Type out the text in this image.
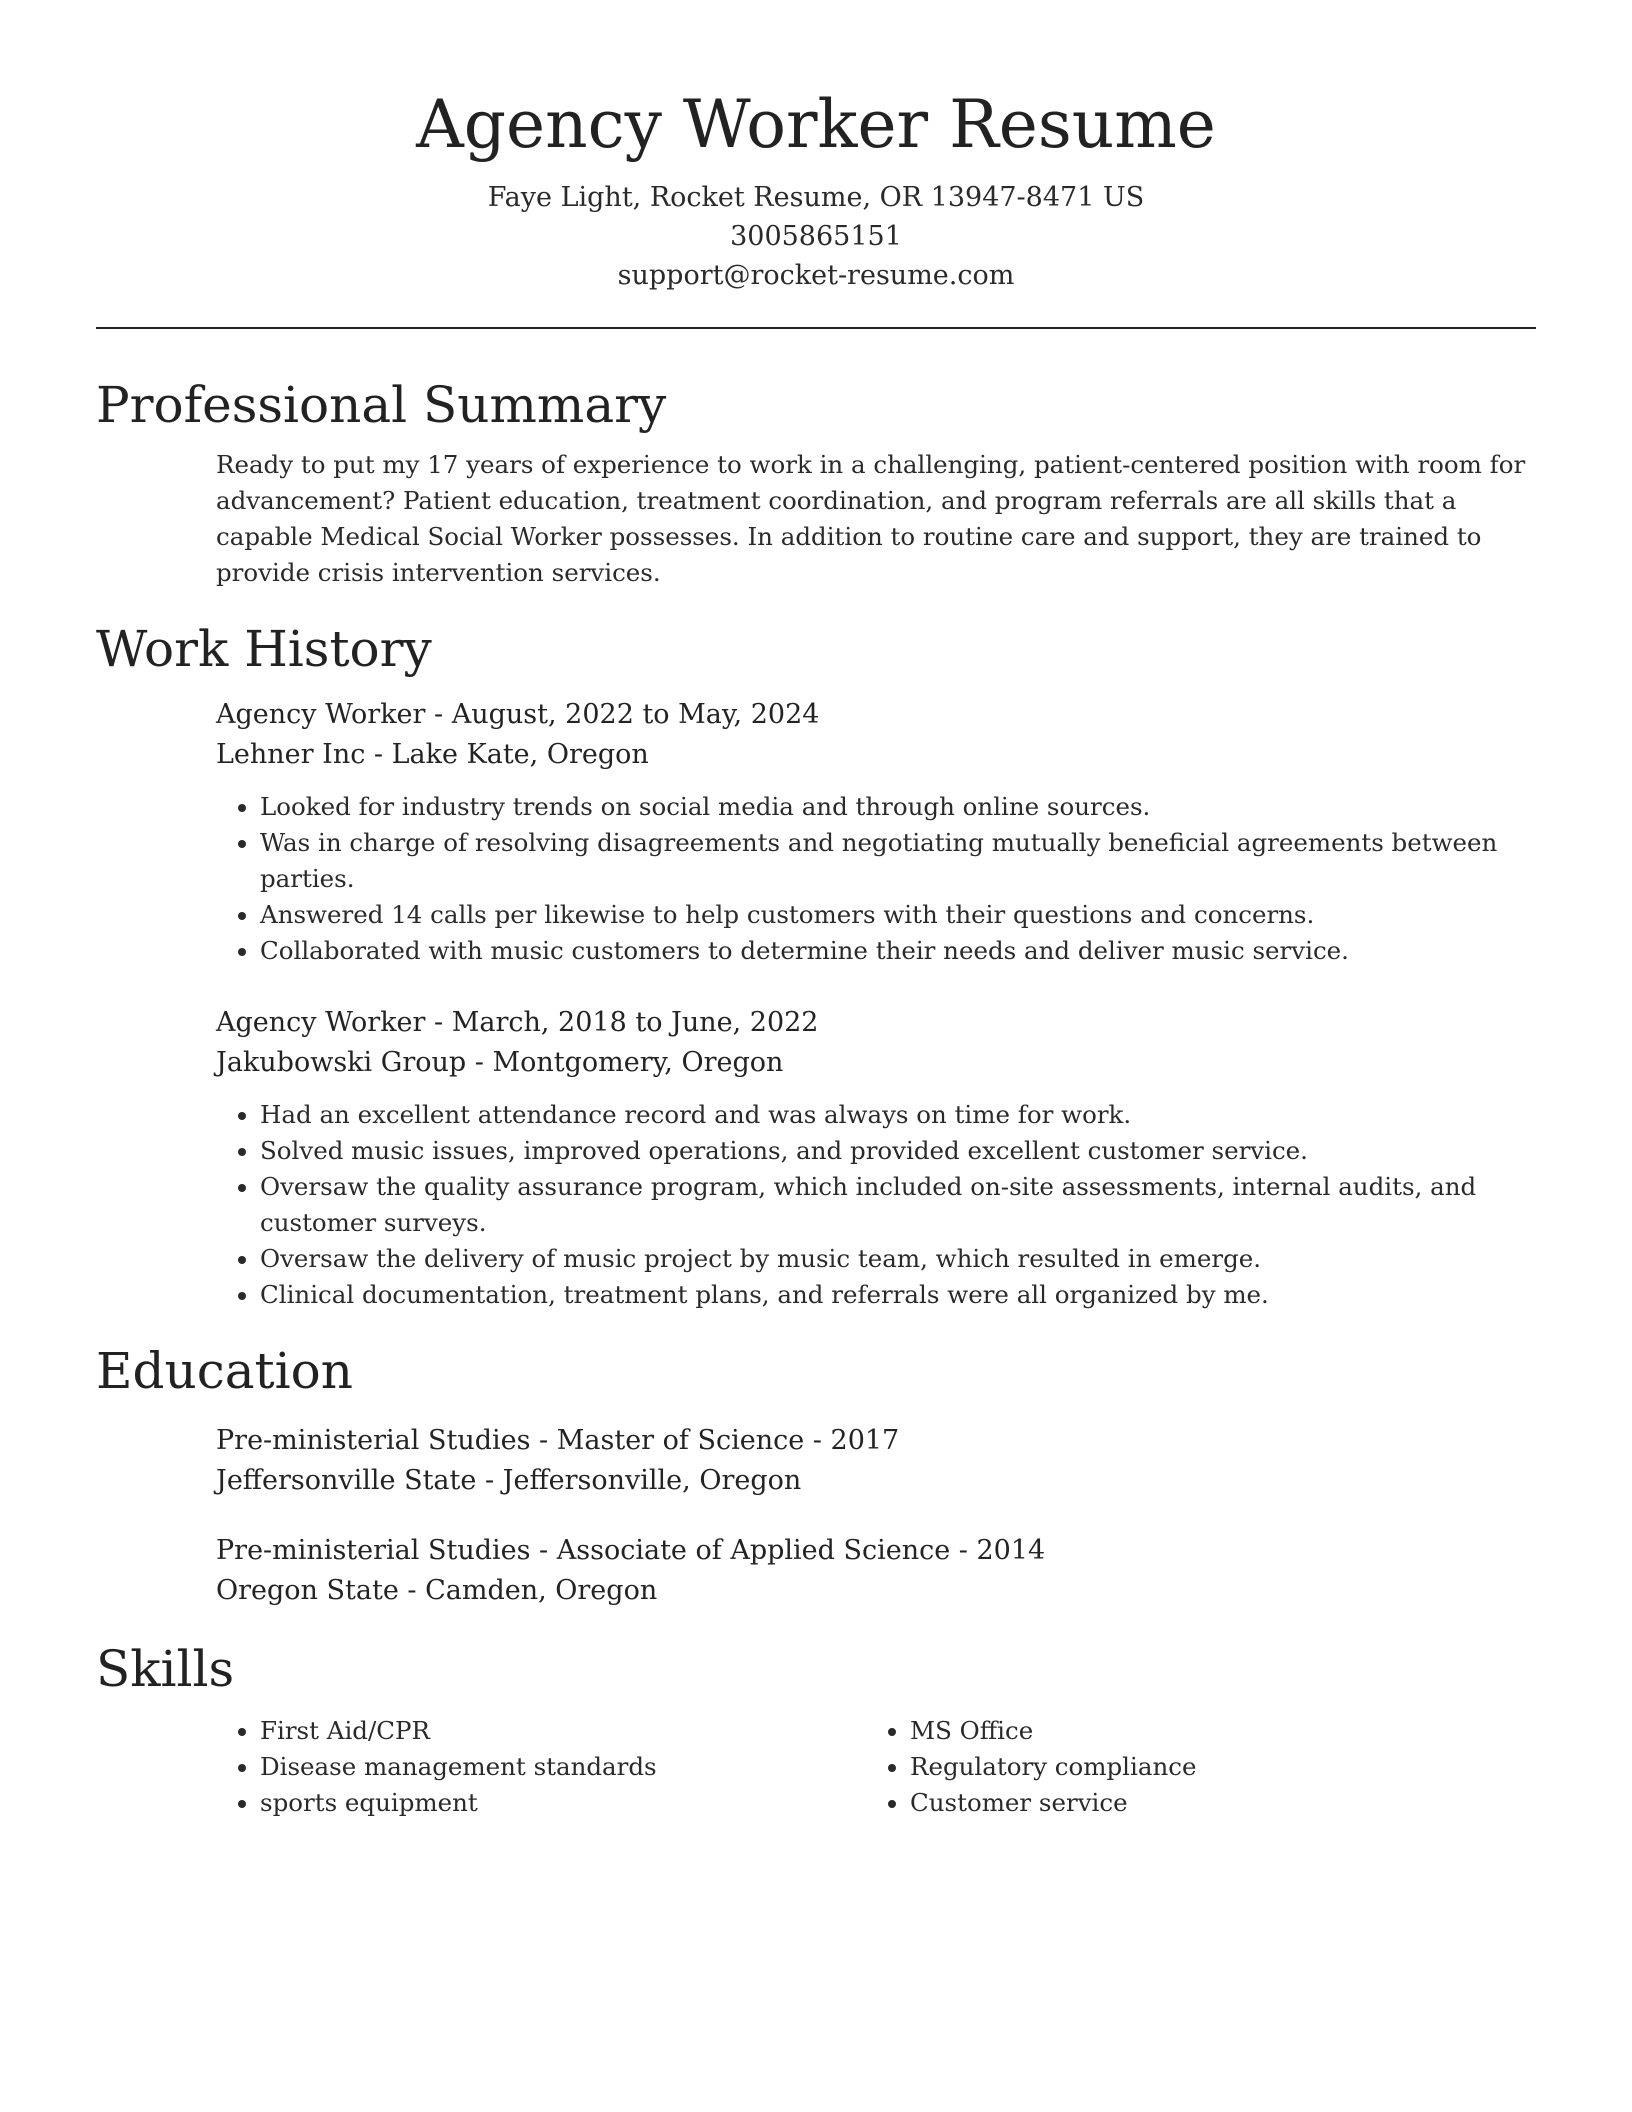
Agency Worker Resume
Faye Light, Rocket Resume, OR 13947-8471 US
3005865151
support@rocket-resume.com
Professional Summary

Ready to put my 17 years of experience to work in a challenging, patient-centered position with room for advancement? Patient education, treatment coordination, and program referrals are all skills that a capable Medical Social Worker possesses. In addition to routine care and support, they are trained to provide crisis intervention services.

Work History
Agency Worker - August, 2022 to May, 2024
Lehner Inc - Lake Kate, Oregon
• Looked for industry trends on social media and through online sources.
• Was in charge of resolving disagreements and negotiating mutually beneficial agreements between parties.
• Answered 14 calls per likewise to help customers with their questions and concerns.
• Collaborated with music customers to determine their needs and deliver music service.
Agency Worker - March, 2018 to June, 2022
Jakubowski Group - Montgomery, Oregon
• Had an excellent attendance record and was always on time for work.
• Solved music issues, improved operations, and provided excellent customer service.
• Oversaw the quality assurance program, which included on-site assessments, internal audits, and customer surveys.
• Oversaw the delivery of music project by music team, which resulted in emerge.
• Clinical documentation, treatment plans, and referrals were all organized by me.
Education
Pre-ministerial Studies - Master of Science - 2017
Jeffersonville State - Jeffersonville, Oregon
Pre-ministerial Studies - Associate of Applied Science - 2014
Oregon State - Camden, Oregon
Skills
• First Aid/CPR
• Disease management standards
• sports equipment
• MS Office
• Regulatory compliance
• Customer service
